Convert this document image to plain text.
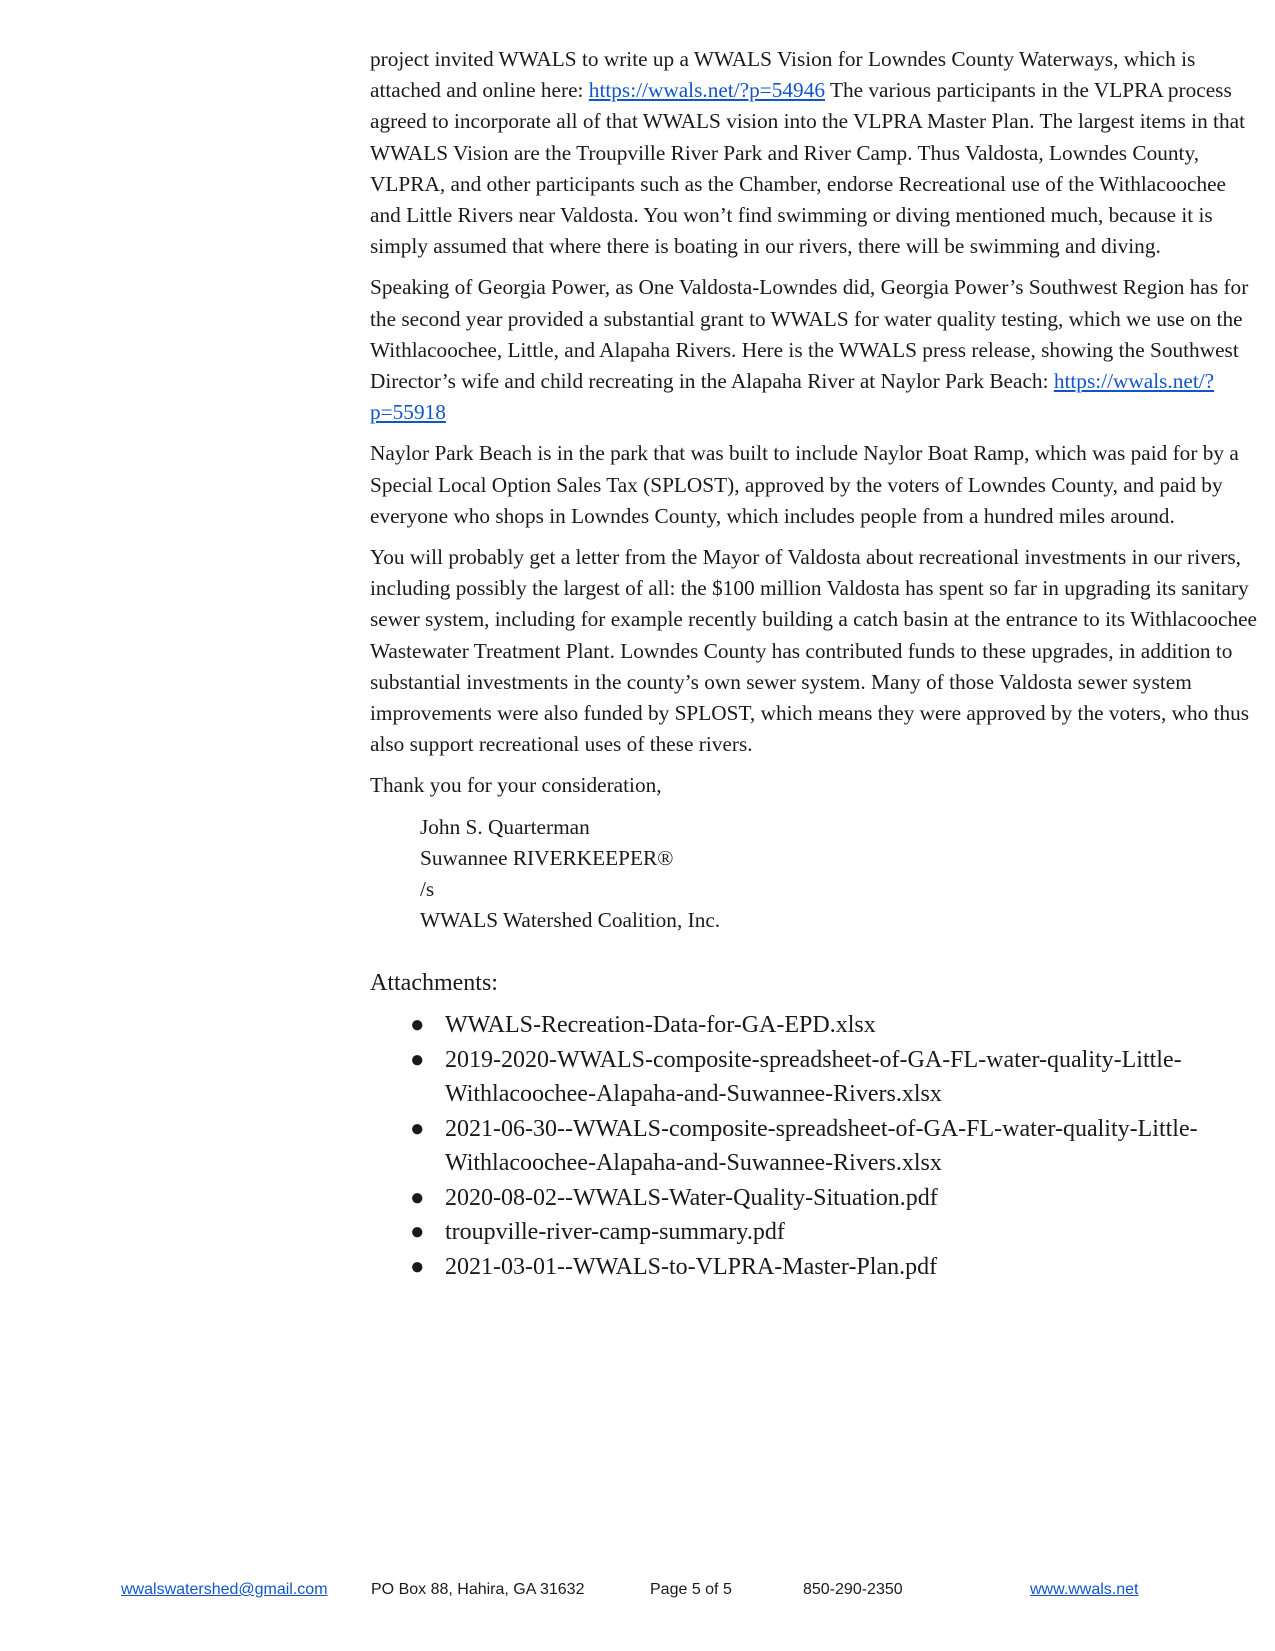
project invited WWALS to write up a WWALS Vision for Lowndes County Waterways, which is attached and online here: https://wwals.net/?p=54946 The various participants in the VLPRA process agreed to incorporate all of that WWALS vision into the VLPRA Master Plan. The largest items in that WWALS Vision are the Troupville River Park and River Camp. Thus Valdosta, Lowndes County, VLPRA, and other participants such as the Chamber, endorse Recreational use of the Withlacoochee and Little Rivers near Valdosta. You won’t find swimming or diving mentioned much, because it is simply assumed that where there is boating in our rivers, there will be swimming and diving.

Speaking of Georgia Power, as One Valdosta-Lowndes did, Georgia Power’s Southwest Region has for the second year provided a substantial grant to WWALS for water quality testing, which we use on the Withlacoochee, Little, and Alapaha Rivers. Here is the WWALS press release, showing the Southwest Director’s wife and child recreating in the Alapaha River at Naylor Park Beach: https://wwals.net/?p=55918

Naylor Park Beach is in the park that was built to include Naylor Boat Ramp, which was paid for by a Special Local Option Sales Tax (SPLOST), approved by the voters of Lowndes County, and paid by everyone who shops in Lowndes County, which includes people from a hundred miles around.

You will probably get a letter from the Mayor of Valdosta about recreational investments in our rivers, including possibly the largest of all: the $100 million Valdosta has spent so far in upgrading its sanitary sewer system, including for example recently building a catch basin at the entrance to its Withlacoochee Wastewater Treatment Plant. Lowndes County has contributed funds to these upgrades, in addition to substantial investments in the county’s own sewer system. Many of those Valdosta sewer system improvements were also funded by SPLOST, which means they were approved by the voters, who thus also support recreational uses of these rivers.

Thank you for your consideration,

John S. Quarterman
Suwannee RIVERKEEPER®
/s
WWALS Watershed Coalition, Inc.
Attachments:
● WWALS-Recreation-Data-for-GA-EPD.xlsx
● 2019-2020-WWALS-composite-spreadsheet-of-GA-FL-water-quality-Little-Withlacoochee-Alapaha-and-Suwannee-Rivers.xlsx
● 2021-06-30--WWALS-composite-spreadsheet-of-GA-FL-water-quality-Little-Withlacoochee-Alapaha-and-Suwannee-Rivers.xlsx
● 2020-08-02--WWALS-Water-Quality-Situation.pdf
● troupville-river-camp-summary.pdf
● 2021-03-01--WWALS-to-VLPRA-Master-Plan.pdf
wwalswatershed@gmail.com	PO Box 88, Hahira, GA 31632	Page 5 of 5	850-290-2350	www.wwals.net
